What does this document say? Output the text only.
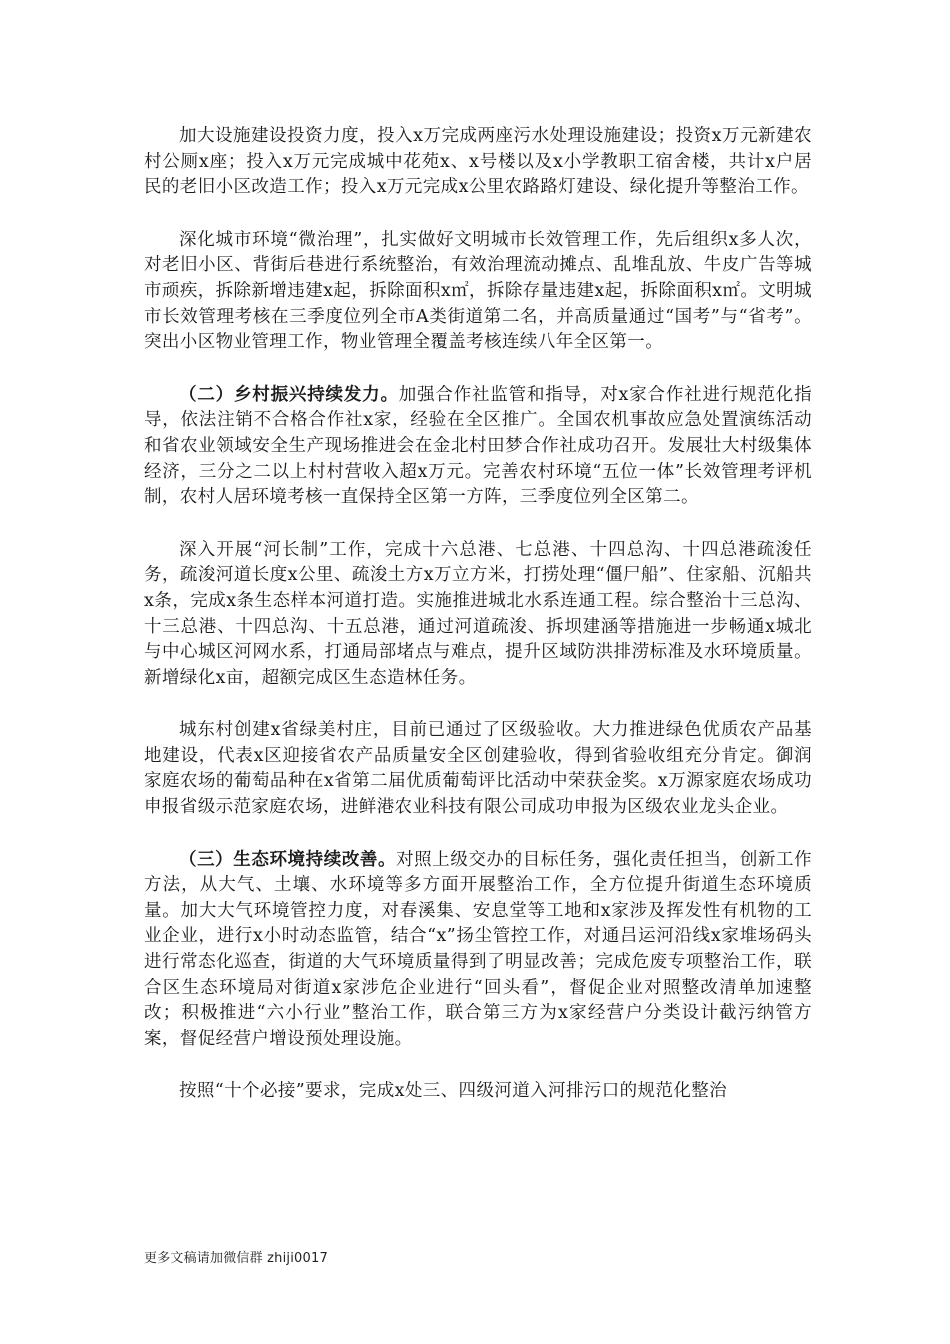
加大设施建设投资力度，投入x万完成两座污水处理设施建设；投资x万元新建农村公厕x座；投入x万元完成城中花苑x、x号楼以及x小学教职工宿舍楼，共计x户居民的老旧小区改造工作；投入x万元完成x公里农路路灯建设、绿化提升等整治工作。

深化城市环境“微治理”，扎实做好文明城市长效管理工作，先后组织x多人次，对老旧小区、背街后巷进行系统整治，有效治理流动摊点、乱堆乱放、牛皮广告等城市顽疾，拆除新增违建x起，拆除面积x㎡，拆除存量违建x起，拆除面积x㎡。文明城市长效管理考核在三季度位列全市A类街道第二名，并高质量通过“国考”与“省考”。突出小区物业管理工作，物业管理全覆盖考核连续八年全区第一。

（二）乡村振兴持续发力。加强合作社监管和指导，对x家合作社进行规范化指导，依法注销不合格合作社x家，经验在全区推广。全国农机事故应急处置演练活动和省农业领域安全生产现场推进会在金北村田梦合作社成功召开。发展壮大村级集体经济，三分之二以上村村营收入超x万元。完善农村环境“五位一体”长效管理考评机制，农村人居环境考核一直保持全区第一方阵，三季度位列全区第二。

深入开展“河长制”工作，完成十六总港、七总港、十四总沟、十四总港疏浚任务，疏浚河道长度x公里、疏浚土方x万立方米，打捞处理“僵尸船”、住家船、沉船共x条，完成x条生态样本河道打造。实施推进城北水系连通工程。综合整治十三总沟、十三总港、十四总沟、十五总港，通过河道疏浚、拆坝建涵等措施进一步畅通x城北与中心城区河网水系，打通局部堵点与难点，提升区域防洪排涝标准及水环境质量。新增绿化x亩，超额完成区生态造林任务。

城东村创建x省绿美村庄，目前已通过了区级验收。大力推进绿色优质农产品基地建设，代表x区迎接省农产品质量安全区创建验收，得到省验收组充分肯定。御润家庭农场的葡萄品种在x省第二届优质葡萄评比活动中荣获金奖。x万源家庭农场成功申报省级示范家庭农场，进鲜港农业科技有限公司成功申报为区级农业龙头企业。

（三）生态环境持续改善。对照上级交办的目标任务，强化责任担当，创新工作方法，从大气、土壤、水环境等多方面开展整治工作，全方位提升街道生态环境质量。加大大气环境管控力度，对春溪集、安息堂等工地和x家涉及挥发性有机物的工业企业，进行x小时动态监管，结合“x”扬尘管控工作，对通吕运河沿线x家堆场码头进行常态化巡查，街道的大气环境质量得到了明显改善；完成危废专项整治工作，联合区生态环境局对街道x家涉危企业进行“回头看”，督促企业对照整改清单加速整改；积极推进“六小行业”整治工作，联合第三方为x家经营户分类设计截污纳管方案，督促经营户增设预处理设施。

按照“十个必接”要求，完成x处三、四级河道入河排污口的规范化整治

更多文稿请加微信群 zhiji0017
